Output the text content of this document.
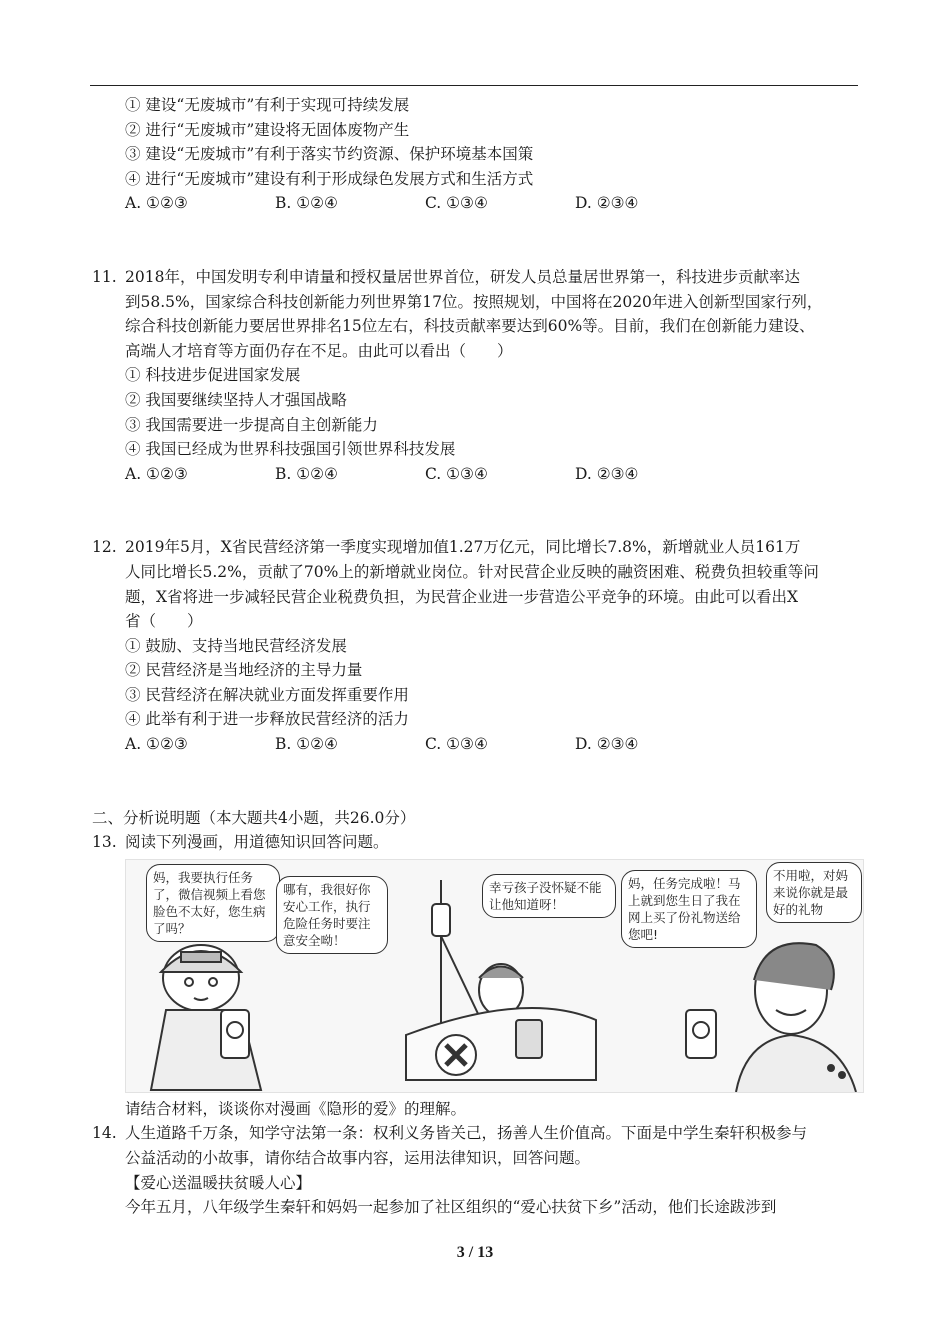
① 建设“无废城市”有利于实现可持续发展
② 进行“无废城市”建设将无固体废物产生
③ 建设“无废城市”有利于落实节约资源、保护环境基本国策
④ 进行“无废城市”建设有利于形成绿色发展方式和生活方式
A. ①②③	B. ①②④	C. ①③④	D. ②③④
11. 2018年，中国发明专利申请量和授权量居世界首位，研发人员总量居世界第一，科技进步贡献率达
到58.5%，国家综合科技创新能力列世界第17位。按照规划，中国将在2020年进入创新型国家行列，
综合科技创新能力要居世界排名15位左右，科技贡献率要达到60%等。目前，我们在创新能力建设、
高端人才培育等方面仍存在不足。由此可以看出（　　）
① 科技进步促进国家发展
② 我国要继续坚持人才强国战略
③ 我国需要进一步提高自主创新能力
④ 我国已经成为世界科技强国引领世界科技发展
A. ①②③	B. ①②④	C. ①③④	D. ②③④
12. 2019年5月，X省民营经济第一季度实现增加值1.27万亿元，同比增长7.8%，新增就业人员161万
人同比增长5.2%，贡献了70%上的新增就业岗位。针对民营企业反映的融资困难、税费负担较重等问
题，X省将进一步减轻民营企业税费负担，为民营企业进一步营造公平竞争的环境。由此可以看出X
省（　　）
① 鼓励、支持当地民营经济发展
② 民营经济是当地经济的主导力量
③ 民营经济在解决就业方面发挥重要作用
④ 此举有利于进一步释放民营经济的活力
A. ①②③	B. ①②④	C. ①③④	D. ②③④
二、分析说明题（本大题共4小题，共26.0分）
13. 阅读下列漫画，用道德知识回答问题。
妈，我要执行任务了，微信视频上看您脸色不太好，您生病了吗？
哪有，我很好你安心工作，执行危险任务时要注意安全呦！
幸亏孩子没怀疑不能让他知道呀！
妈，任务完成啦！马上就到您生日了我在网上买了份礼物送给您吧!
不用啦，对妈来说你就是最好的礼物
请结合材料，谈谈你对漫画《隐形的爱》的理解。
14. 人生道路千万条，知学守法第一条：权利义务皆关己，扬善人生价值高。下面是中学生秦轩积极参与
公益活动的小故事，请你结合故事内容，运用法律知识，回答问题。
【爱心送温暖扶贫暖人心】
今年五月，八年级学生秦轩和妈妈一起参加了社区组织的“爱心扶贫下乡”活动，他们长途跋涉到
3 / 13
